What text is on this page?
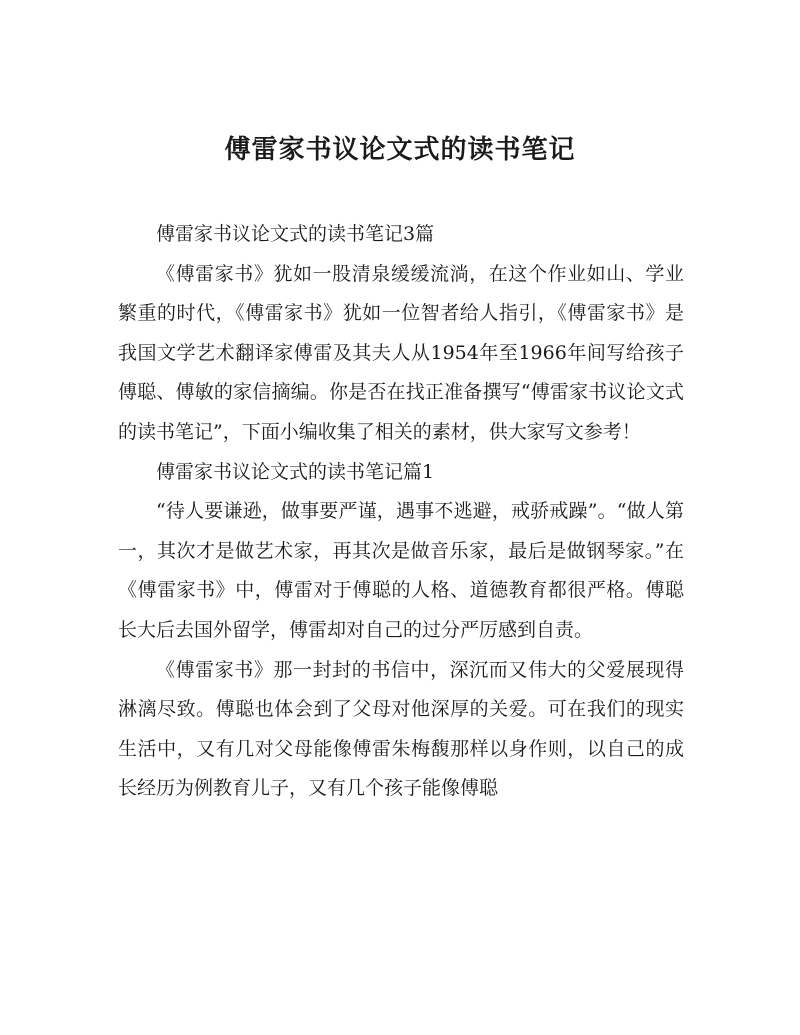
傅雷家书议论文式的读书笔记

傅雷家书议论文式的读书笔记3篇

《傅雷家书》犹如一股清泉缓缓流淌，在这个作业如山、学业繁重的时代，《傅雷家书》犹如一位智者给人指引，《傅雷家书》是我国文学艺术翻译家傅雷及其夫人从1954年至1966年间写给孩子傅聪、傅敏的家信摘编。你是否在找正准备撰写“傅雷家书议论文式的读书笔记”，下面小编收集了相关的素材，供大家写文参考！

傅雷家书议论文式的读书笔记篇1

“待人要谦逊，做事要严谨，遇事不逃避，戒骄戒躁”。“做人第一，其次才是做艺术家，再其次是做音乐家，最后是做钢琴家。”在《傅雷家书》中，傅雷对于傅聪的人格、道德教育都很严格。傅聪长大后去国外留学，傅雷却对自己的过分严厉感到自责。

《傅雷家书》那一封封的书信中，深沉而又伟大的父爱展现得淋漓尽致。傅聪也体会到了父母对他深厚的关爱。可在我们的现实生活中，又有几对父母能像傅雷朱梅馥那样以身作则，以自己的成长经历为例教育儿子，又有几个孩子能像傅聪
